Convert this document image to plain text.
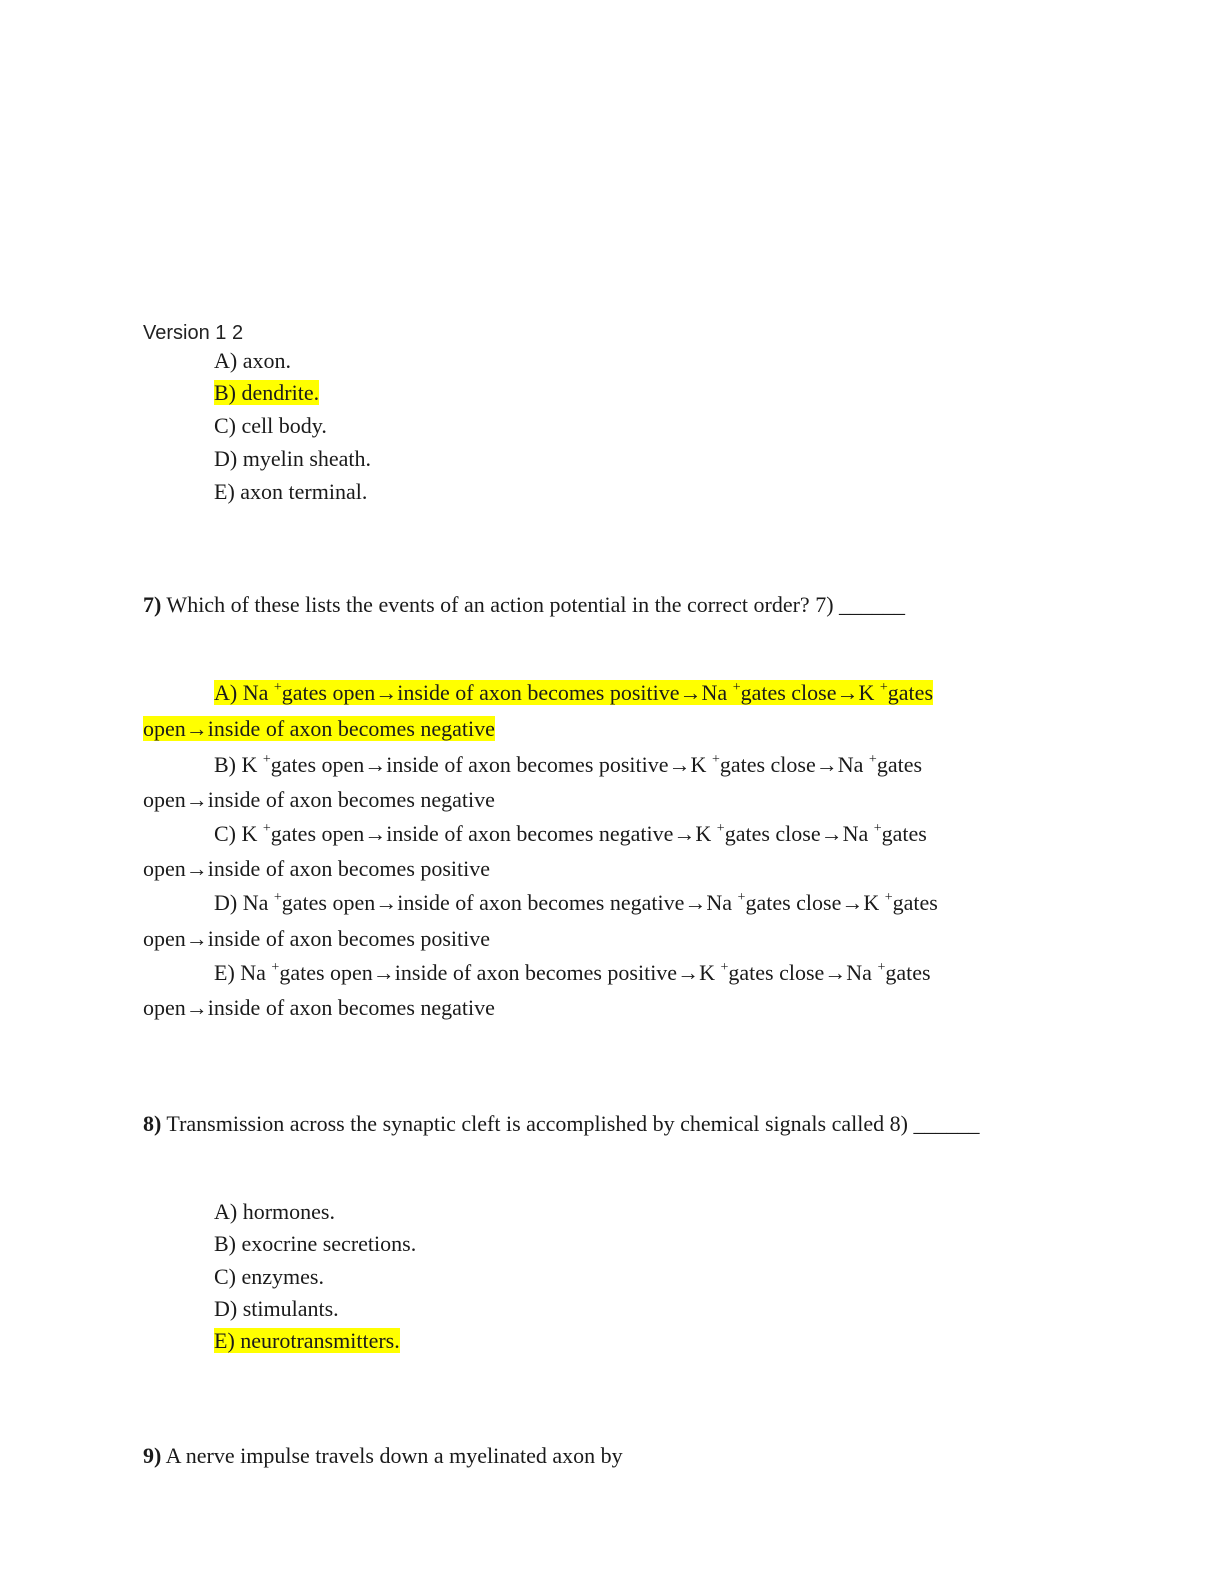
Version 1 2
A) axon.
B) dendrite.
C) cell body.
D) myelin sheath.
E) axon terminal.
7) Which of these lists the events of an action potential in the correct order? 7) ______
A) Na +gates open→inside of axon becomes positive→Na +gates close→K +gates
open→inside of axon becomes negative
B) K +gates open→inside of axon becomes positive→K +gates close→Na +gates
open→inside of axon becomes negative
C) K +gates open→inside of axon becomes negative→K +gates close→Na +gates
open→inside of axon becomes positive
D) Na +gates open→inside of axon becomes negative→Na +gates close→K +gates
open→inside of axon becomes positive
E) Na +gates open→inside of axon becomes positive→K +gates close→Na +gates
open→inside of axon becomes negative
8) Transmission across the synaptic cleft is accomplished by chemical signals called 8) ______
A) hormones.
B) exocrine secretions.
C) enzymes.
D) stimulants.
E) neurotransmitters.
9) A nerve impulse travels down a myelinated axon by
